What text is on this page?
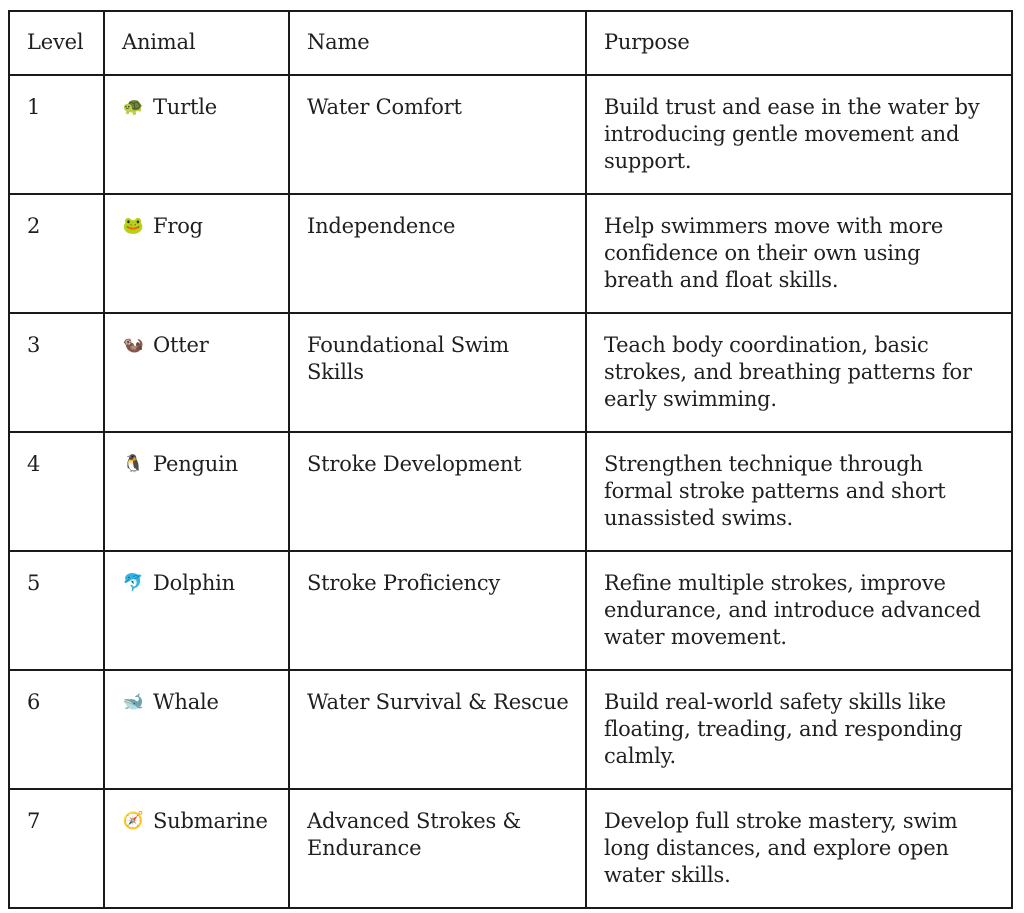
Level	Animal	Name	Purpose
1	🐢 Turtle	Water Comfort	Build trust and ease in the water by introducing gentle movement and support.
2	🐸 Frog	Independence	Help swimmers move with more confidence on their own using breath and float skills.
3	🦦 Otter	Foundational Swim Skills	Teach body coordination, basic strokes, and breathing patterns for early swimming.
4	🐧 Penguin	Stroke Development	Strengthen technique through formal stroke patterns and short unassisted swims.
5	🐬 Dolphin	Stroke Proficiency	Refine multiple strokes, improve endurance, and introduce advanced water movement.
6	🐋 Whale	Water Survival & Rescue	Build real-world safety skills like floating, treading, and responding calmly.
7	🧭 Submarine	Advanced Strokes & Endurance	Develop full stroke mastery, swim long distances, and explore open water skills.
